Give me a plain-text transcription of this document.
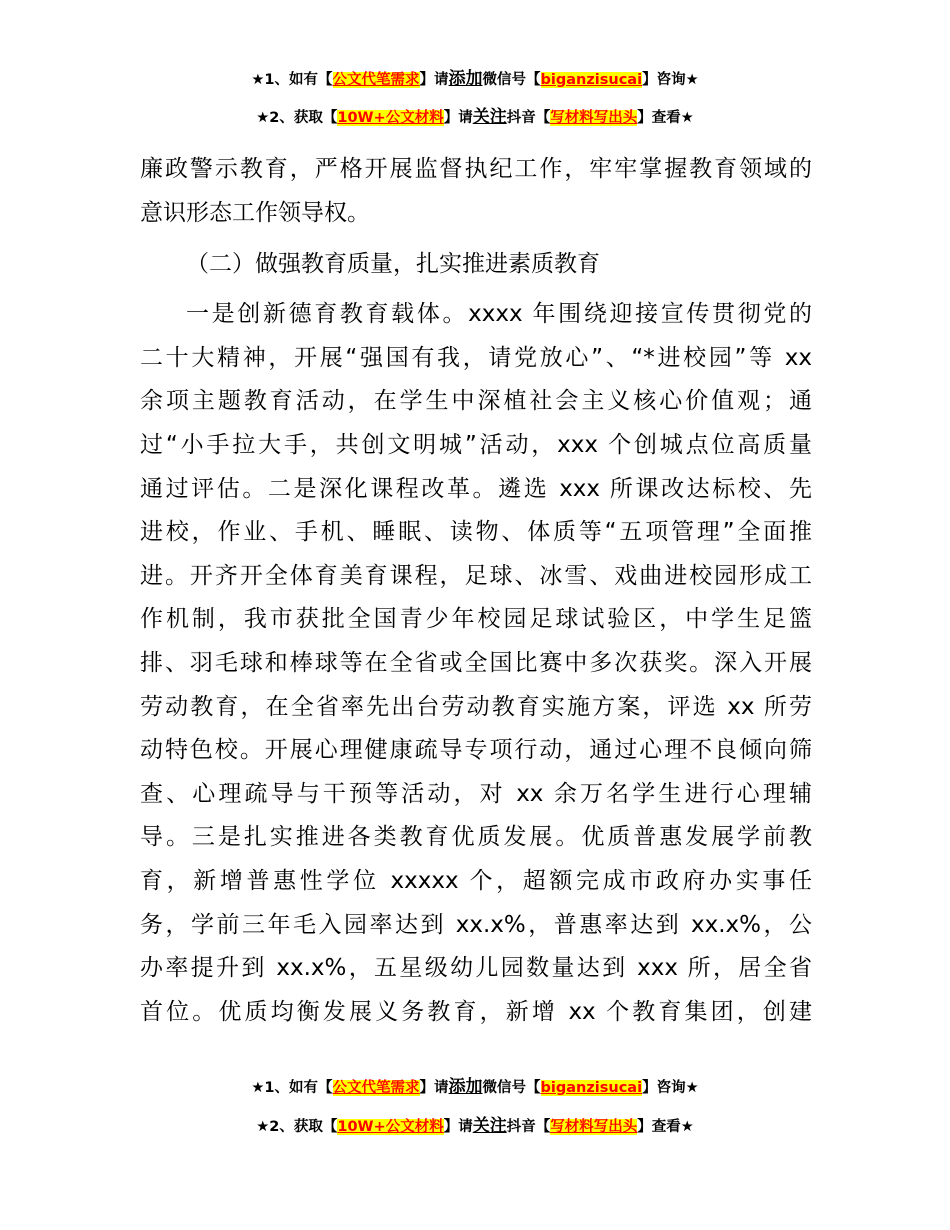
★1、如有【公文代笔需求】请添加微信号【biganzisucai】咨询★
★2、获取【10W+公文材料】请关注抖音【写材料写出头】查看★
廉政警示教育，严格开展监督执纪工作，牢牢掌握教育领域的
意识形态工作领导权。
（二）做强教育质量，扎实推进素质教育
一是创新德育教育载体。xxxx 年围绕迎接宣传贯彻党的
二十大精神，开展“强国有我，请党放心”、“*进校园”等 xx
余项主题教育活动，在学生中深植社会主义核心价值观；通
过“小手拉大手，共创文明城”活动，xxx 个创城点位高质量
通过评估。二是深化课程改革。遴选 xxx 所课改达标校、先
进校，作业、手机、睡眠、读物、体质等“五项管理”全面推
进。开齐开全体育美育课程，足球、冰雪、戏曲进校园形成工
作机制，我市获批全国青少年校园足球试验区，中学生足篮
排、羽毛球和棒球等在全省或全国比赛中多次获奖。深入开展
劳动教育，在全省率先出台劳动教育实施方案，评选 xx 所劳
动特色校。开展心理健康疏导专项行动，通过心理不良倾向筛
查、心理疏导与干预等活动，对 xx 余万名学生进行心理辅
导。三是扎实推进各类教育优质发展。优质普惠发展学前教
育，新增普惠性学位 xxxxx 个，超额完成市政府办实事任
务，学前三年毛入园率达到 xx.x%，普惠率达到 xx.x%，公
办率提升到 xx.x%，五星级幼儿园数量达到 xxx 所，居全省
首位。优质均衡发展义务教育，新增 xx 个教育集团，创建
★1、如有【公文代笔需求】请添加微信号【biganzisucai】咨询★
★2、获取【10W+公文材料】请关注抖音【写材料写出头】查看★
